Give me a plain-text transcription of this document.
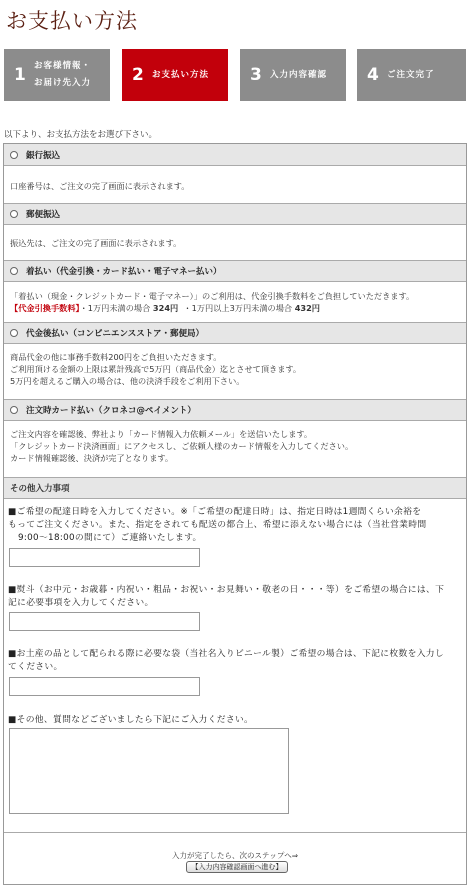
お支払い方法
1 お客様情報・
お届け先入力 2 お支払い方法 3 入力内容確認 4 ご注文完了
以下より、お支払方法をお選び下さい。
銀行振込
口座番号は、ご注文の完了画面に表示されます。
郵便振込
振込先は、ご注文の完了画面に表示されます。
着払い（代金引換・カード払い・電子マネー払い）
「着払い（現金・クレジットカード・電子マネー）」のご利用は、代金引換手数料をご負担していただきます。
【代金引換手数料】・1万円未満の場合 324円 ・1万円以上3万円未満の場合 432円
代金後払い（コンビニエンスストア・郵便局）
商品代金の他に事務手数料200円をご負担いただきます。
ご利用頂ける金額の上限は累計残高で5万円（商品代金）迄とさせて頂きます。
5万円を超えるご購入の場合は、他の決済手段をご利用下さい。
注文時カード払い（クロネコ@ペイメント）
ご注文内容を確認後、弊社より「カード情報入力依頼メール」を送信いたします。
「クレジットカード決済画面」にアクセスし、ご依頼人様のカード情報を入力してください。
カード情報確認後、決済が完了となります。
その他入力事項
■ご希望の配達日時を入力してください。※「ご希望の配達日時」は、指定日時は1週間くらい余裕を
もってご注文ください。また、指定をされても配送の都合上、希望に添えない場合には（当社営業時間
9:00〜18:00の間にて）ご連絡いたします。
■熨斗（お中元・お歳暮・内祝い・粗品・お祝い・お見舞い・敬老の日・・・等）をご希望の場合には、下
記に必要事項を入力してください。
■お土産の品として配られる際に必要な袋（当社名入りビニール製）ご希望の場合は、下記に枚数を入力し
てください。
■その他、質問などございましたら下記にご入力ください。
入力が完了したら、次のステップへ⇒
【入力内容確認画面へ進む】
